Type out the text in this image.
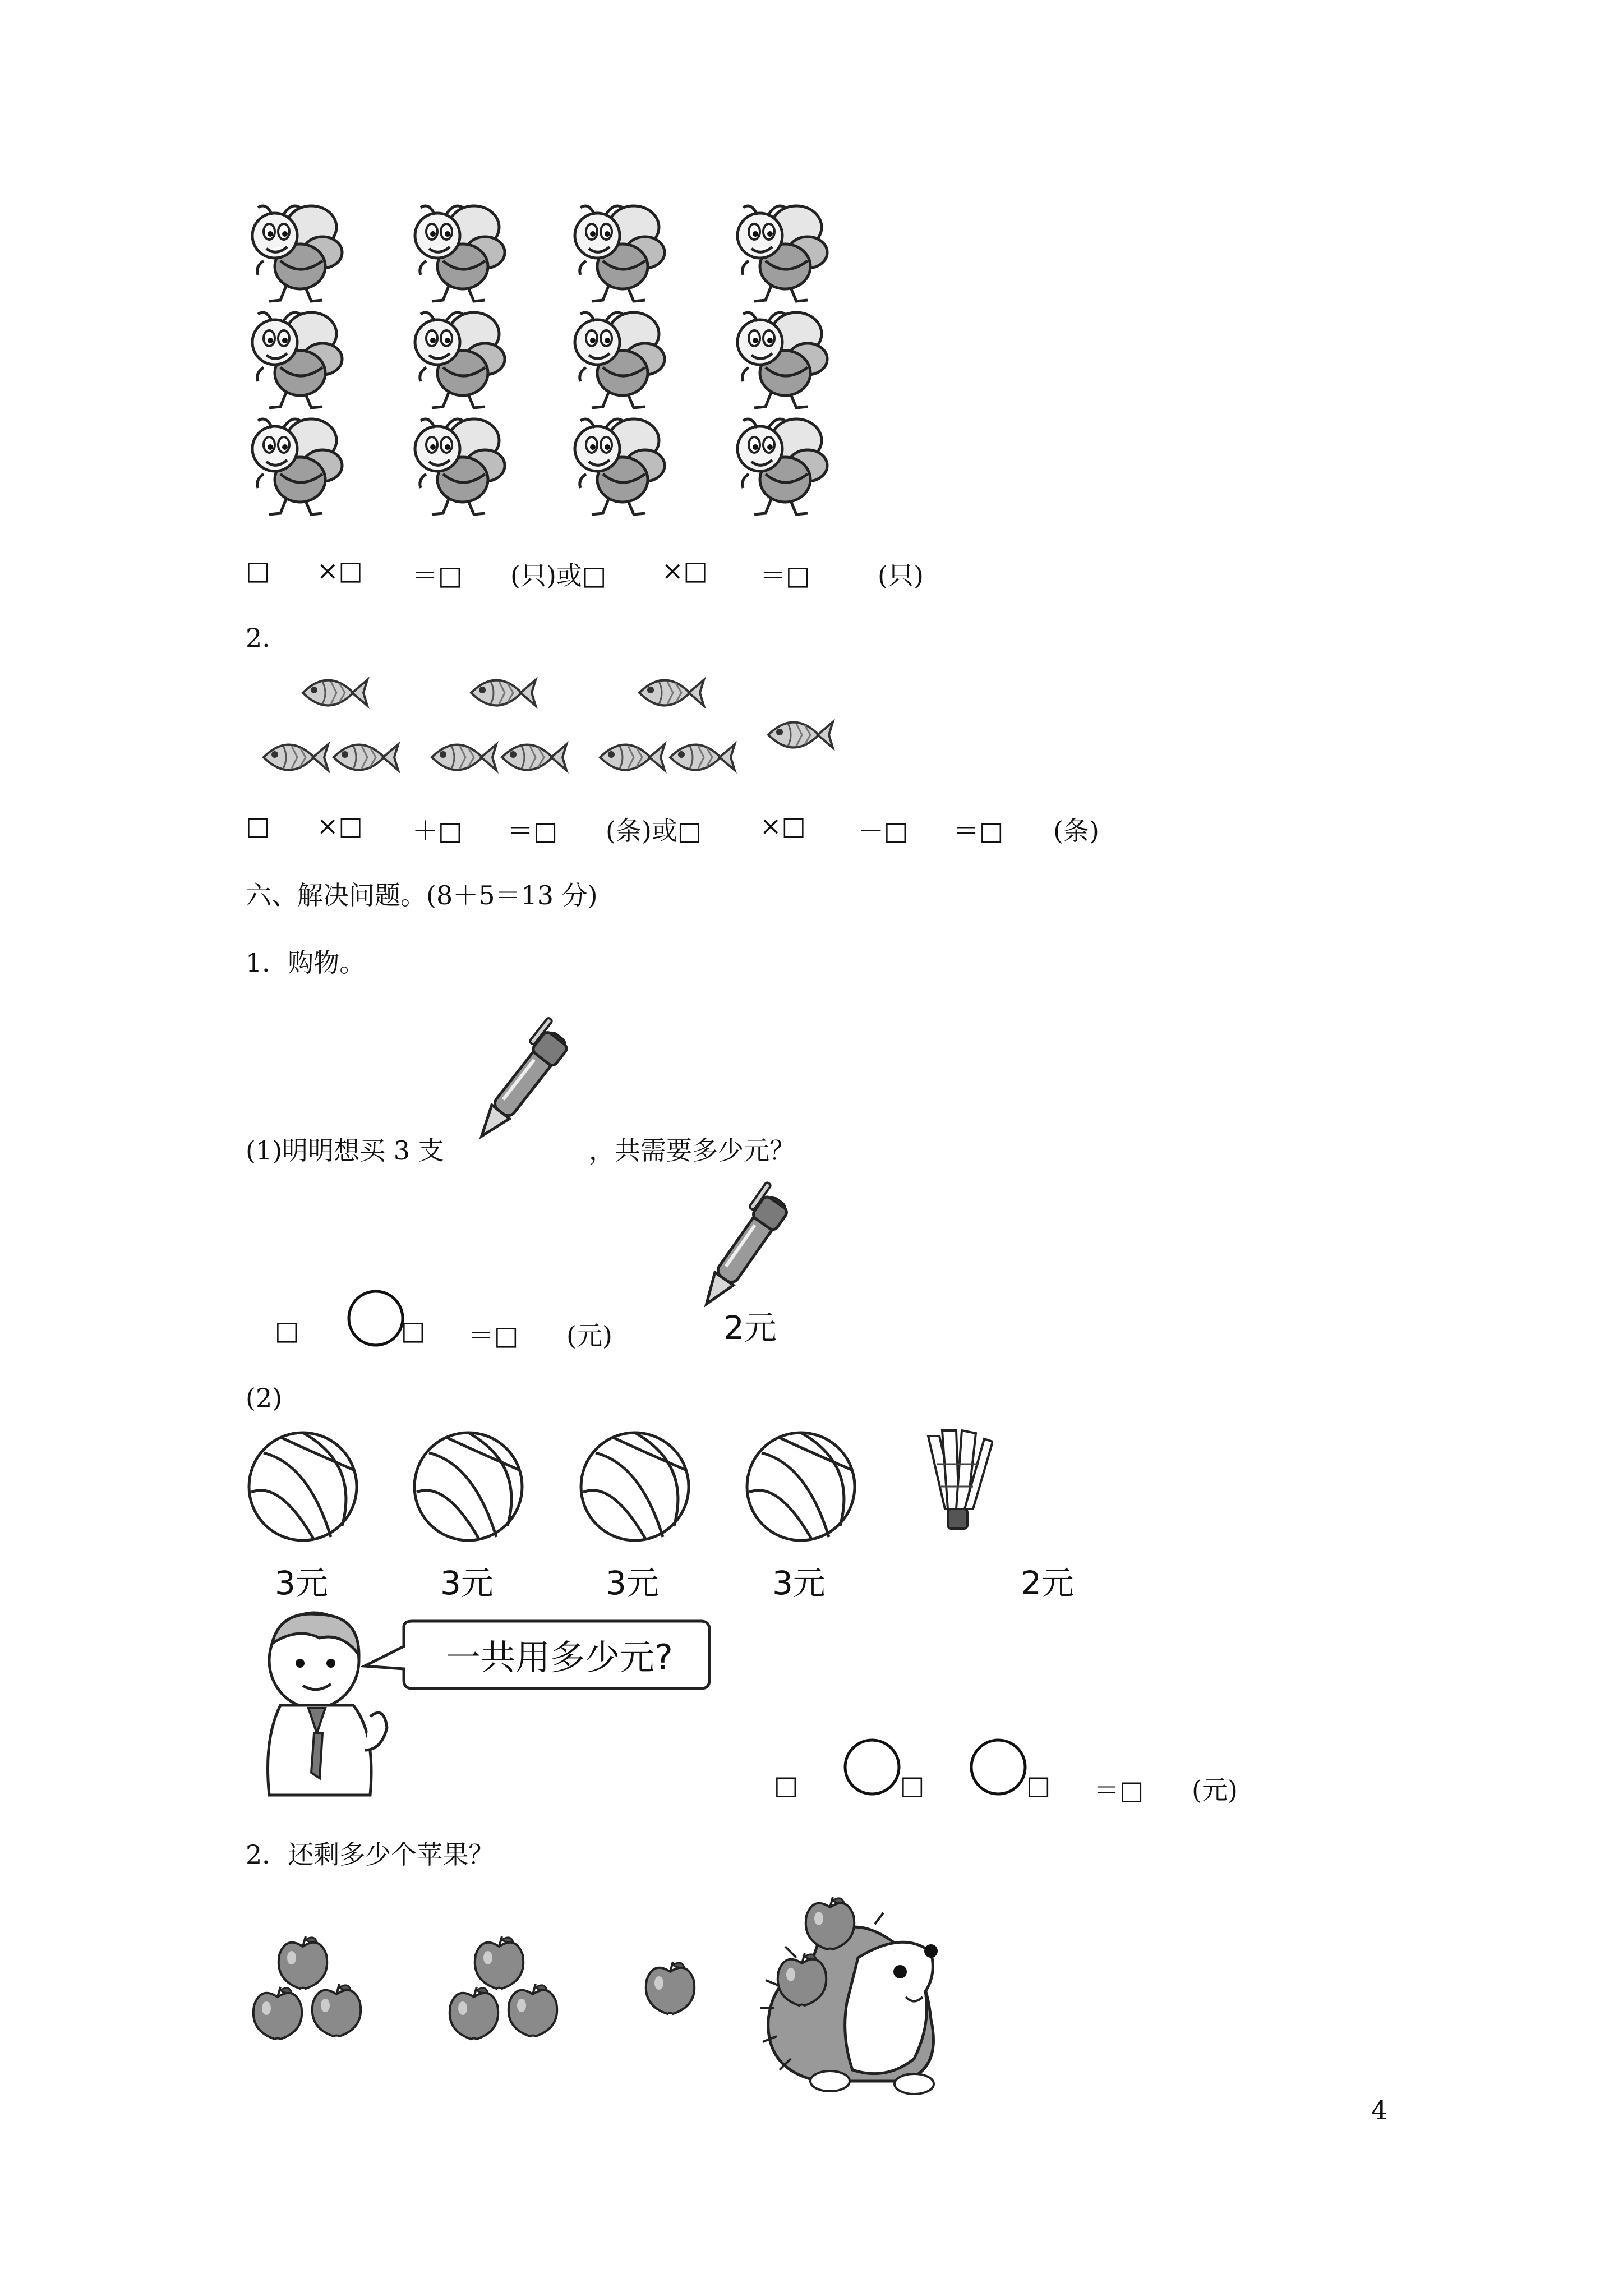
□ ×□ ＝□ (只)或□ ×□ ＝□	(只)
2.
□ ×□ ＋□ ＝□ (条)或□ ×□ －□ ＝□ (条)
六、解决问题。(8＋5＝13 分)
1．购物。
(1)明明想买 3 支	，共需要多少元？
□	□ ＝□ (元)	2元
(2)
3元	3元	3元	3元	2元
一共用多少元?
□	□	□ ＝□ (元)
2．还剩多少个苹果？
4
